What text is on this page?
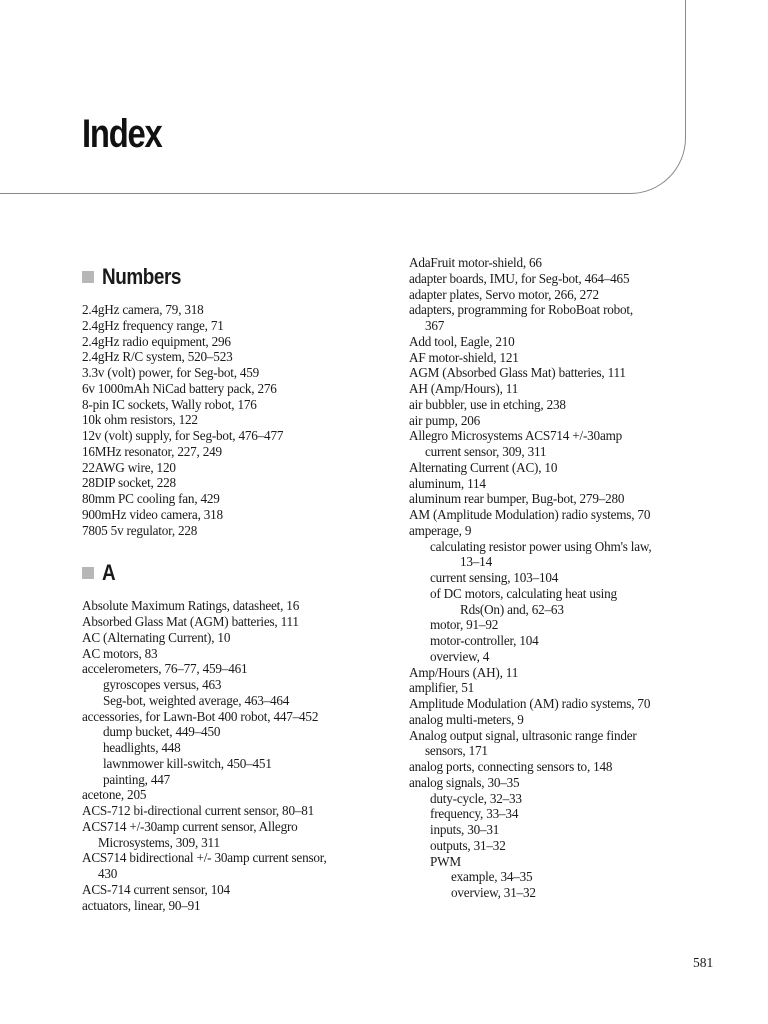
Index
Numbers
2.4gHz camera, 79, 318
2.4gHz frequency range, 71
2.4gHz radio equipment, 296
2.4gHz R/C system, 520–523
3.3v (volt) power, for Seg-bot, 459
6v 1000mAh NiCad battery pack, 276
8-pin IC sockets, Wally robot, 176
10k ohm resistors, 122
12v (volt) supply, for Seg-bot, 476–477
16MHz resonator, 227, 249
22AWG wire, 120
28DIP socket, 228
80mm PC cooling fan, 429
900mHz video camera, 318
7805 5v regulator, 228
A
Absolute Maximum Ratings, datasheet, 16
Absorbed Glass Mat (AGM) batteries, 111
AC (Alternating Current), 10
AC motors, 83
accelerometers, 76–77, 459–461
gyroscopes versus, 463
Seg-bot, weighted average, 463–464
accessories, for Lawn-Bot 400 robot, 447–452
dump bucket, 449–450
headlights, 448
lawnmower kill-switch, 450–451
painting, 447
acetone, 205
ACS-712 bi-directional current sensor, 80–81
ACS714 +/-30amp current sensor, Allegro
Microsystems, 309, 311
ACS714 bidirectional +/- 30amp current sensor,
430
ACS-714 current sensor, 104
actuators, linear, 90–91
AdaFruit motor-shield, 66
adapter boards, IMU, for Seg-bot, 464–465
adapter plates, Servo motor, 266, 272
adapters, programming for RoboBoat robot,
367
Add tool, Eagle, 210
AF motor-shield, 121
AGM (Absorbed Glass Mat) batteries, 111
AH (Amp/Hours), 11
air bubbler, use in etching, 238
air pump, 206
Allegro Microsystems ACS714 +/-30amp
current sensor, 309, 311
Alternating Current (AC), 10
aluminum, 114
aluminum rear bumper, Bug-bot, 279–280
AM (Amplitude Modulation) radio systems, 70
amperage, 9
calculating resistor power using Ohm's law,
13–14
current sensing, 103–104
of DC motors, calculating heat using
Rds(On) and, 62–63
motor, 91–92
motor-controller, 104
overview, 4
Amp/Hours (AH), 11
amplifier, 51
Amplitude Modulation (AM) radio systems, 70
analog multi-meters, 9
Analog output signal, ultrasonic range finder
sensors, 171
analog ports, connecting sensors to, 148
analog signals, 30–35
duty-cycle, 32–33
frequency, 33–34
inputs, 30–31
outputs, 31–32
PWM
example, 34–35
overview, 31–32
581
